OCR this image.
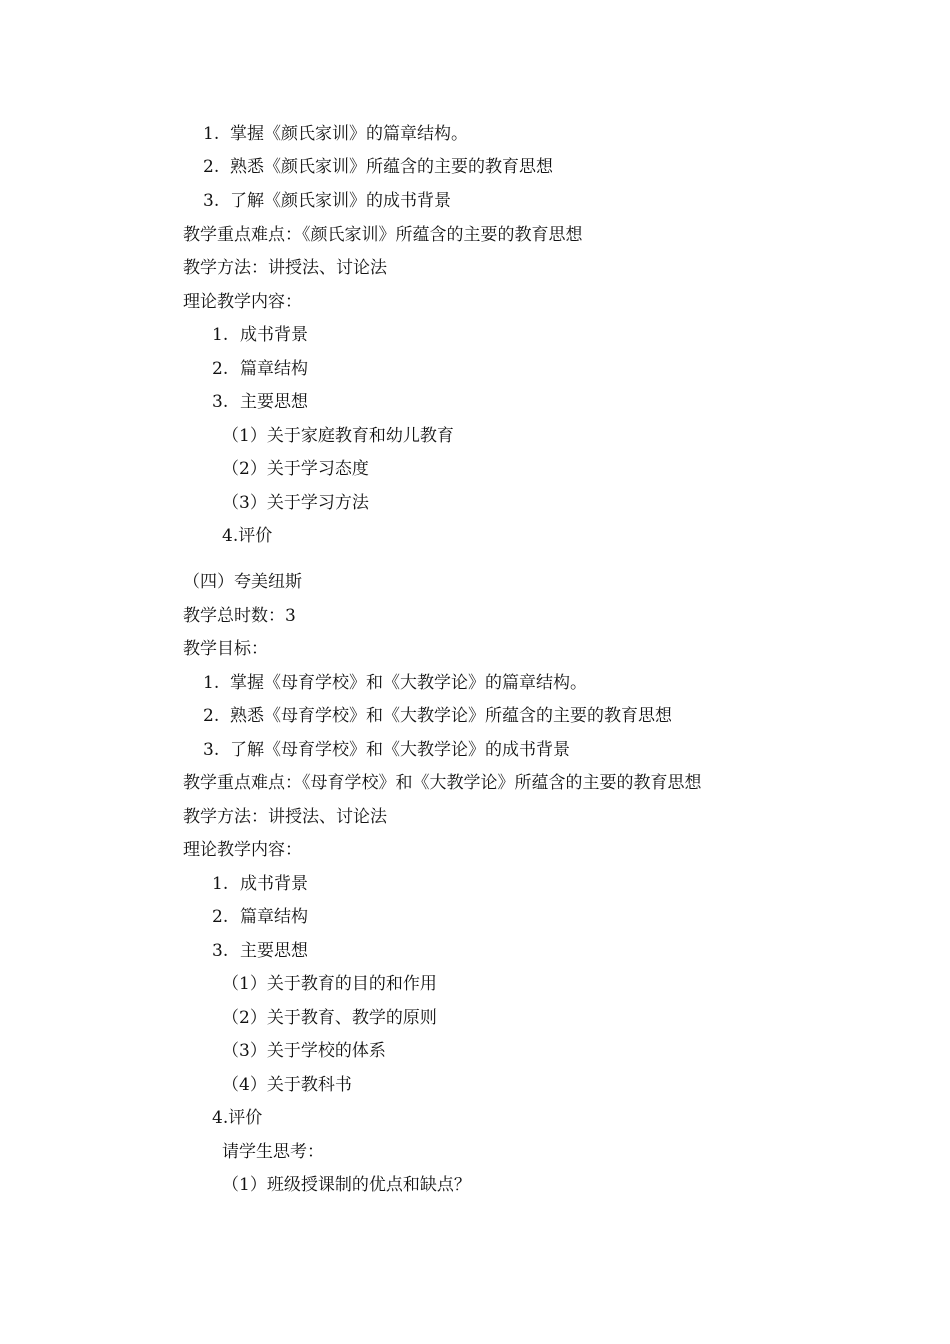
1. 掌握《颜氏家训》的篇章结构。
2. 熟悉《颜氏家训》所蕴含的主要的教育思想
3. 了解《颜氏家训》的成书背景
教学重点难点：《颜氏家训》所蕴含的主要的教育思想
教学方法：讲授法、讨论法
理论教学内容：
1. 成书背景
2. 篇章结构
3. 主要思想
（1）关于家庭教育和幼儿教育
（2）关于学习态度
（3）关于学习方法
4.评价
（四）夸美纽斯
教学总时数：3
教学目标：
1. 掌握《母育学校》和《大教学论》的篇章结构。
2. 熟悉《母育学校》和《大教学论》所蕴含的主要的教育思想
3. 了解《母育学校》和《大教学论》的成书背景
教学重点难点：《母育学校》和《大教学论》所蕴含的主要的教育思想
教学方法：讲授法、讨论法
理论教学内容：
1. 成书背景
2. 篇章结构
3. 主要思想
（1）关于教育的目的和作用
（2）关于教育、教学的原则
（3）关于学校的体系
（4）关于教科书
4.评价
请学生思考：
（1）班级授课制的优点和缺点？
